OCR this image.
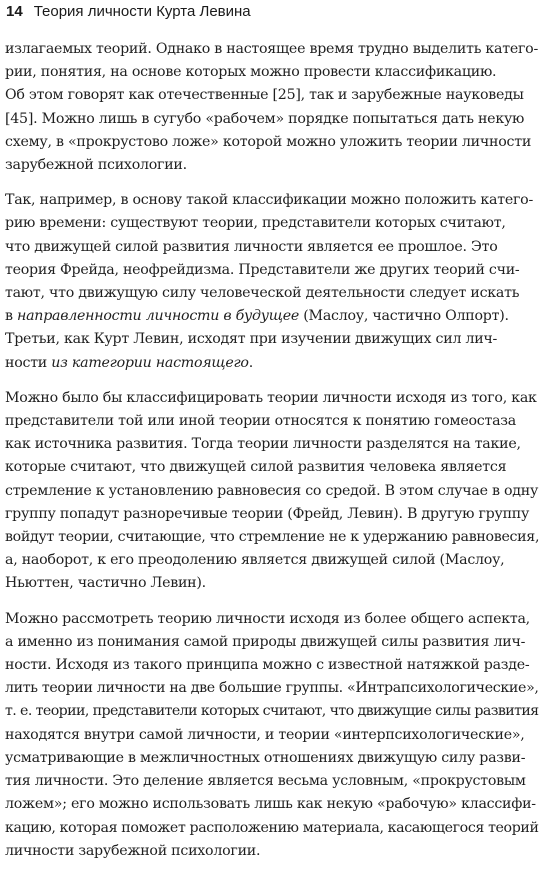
14 Теория личности Курта Левина
излагаемых теорий. Однако в настоящее время трудно выделить катего-
рии, понятия, на основе которых можно провести классификацию.
Об этом говорят как отечественные [25], так и зарубежные науковеды
[45]. Можно лишь в сугубо «рабочем» порядке попытаться дать некую
схему, в «прокрустово ложе» которой можно уложить теории личности
зарубежной психологии.
Так, например, в основу такой классификации можно положить катего-
рию времени: существуют теории, представители которых считают,
что движущей силой развития личности является ее прошлое. Это
теория Фрейда, неофрейдизма. Представители же других теорий счи-
тают, что движущую силу человеческой деятельности следует искать
в направленности личности в будущее (Маслоу, частично Олпорт).
Третьи, как Курт Левин, исходят при изучении движущих сил лич-
ности из категории настоящего.
Можно было бы классифицировать теории личности исходя из того, как
представители той или иной теории относятся к понятию гомеостаза
как источника развития. Тогда теории личности разделятся на такие,
которые считают, что движущей силой развития человека является
стремление к установлению равновесия со средой. В этом случае в одну
группу попадут разноречивые теории (Фрейд, Левин). В другую группу
войдут теории, считающие, что стремление не к удержанию равновесия,
а, наоборот, к его преодолению является движущей силой (Маслоу,
Ньюттен, частично Левин).
Можно рассмотреть теорию личности исходя из более общего аспекта,
а именно из понимания самой природы движущей силы развития лич-
ности. Исходя из такого принципа можно с известной натяжкой разде-
лить теории личности на две большие группы. «Интрапсихологические»,
т. е. теории, представители которых считают, что движущие силы развития
находятся внутри самой личности, и теории «интерпсихологические»,
усматривающие в межличностных отношениях движущую силу разви-
тия личности. Это деление является весьма условным, «прокрустовым
ложем»; его можно использовать лишь как некую «рабочую» классифи-
кацию, которая поможет расположению материала, касающегося теорий
личности зарубежной психологии.
